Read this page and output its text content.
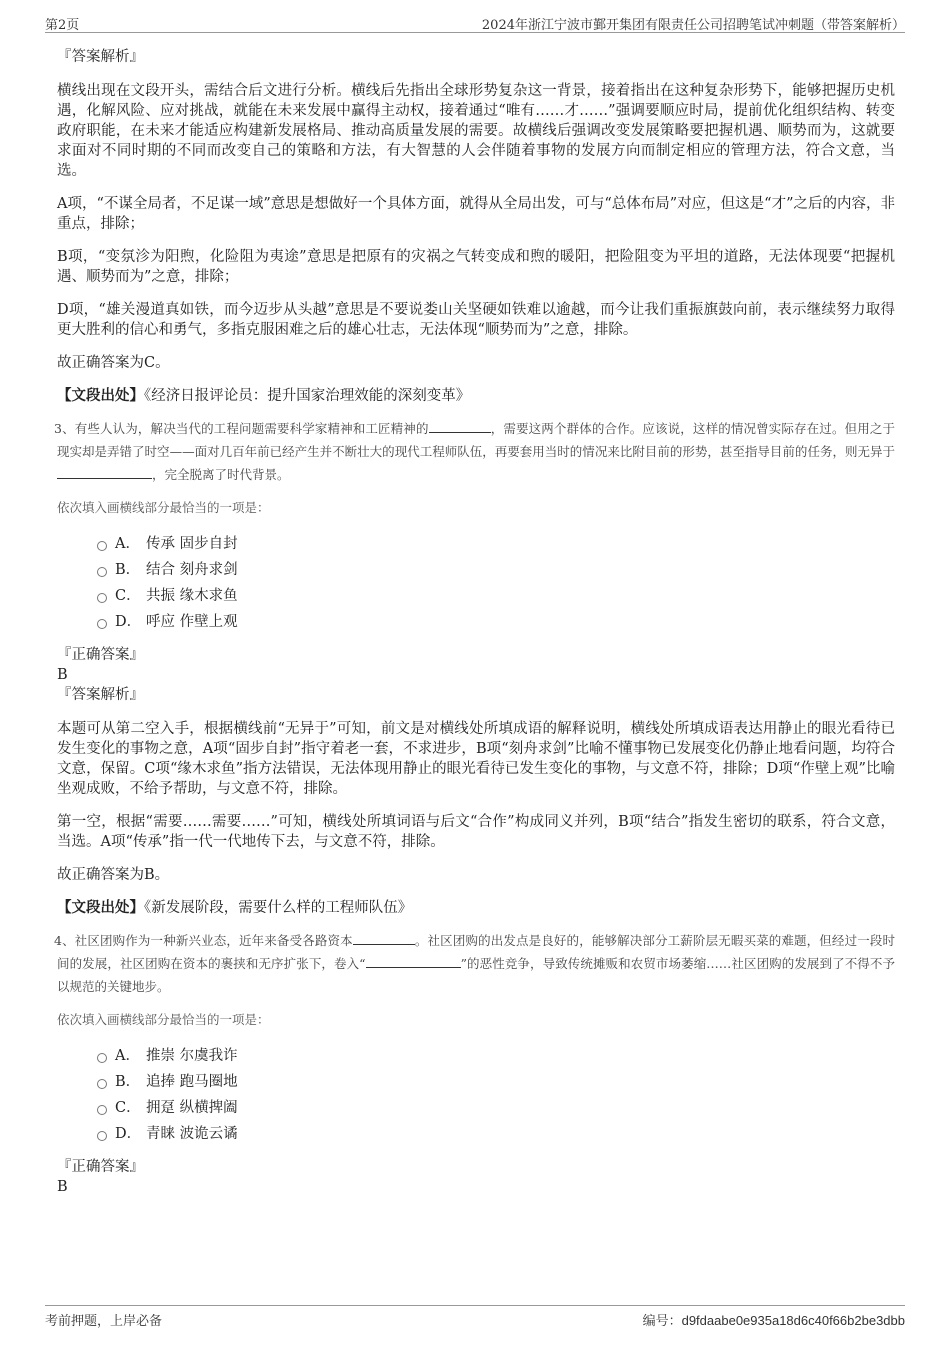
第2页	2024年浙江宁波市鄞开集团有限责任公司招聘笔试冲刺题（带答案解析）

『答案解析』

横线出现在文段开头，需结合后文进行分析。横线后先指出全球形势复杂这一背景，接着指出在这种复杂形势下，能够把握历史机遇，化解风险、应对挑战，就能在未来发展中赢得主动权，接着通过“唯有……才……”强调要顺应时局，提前优化组织结构、转变政府职能，在未来才能适应构建新发展格局、推动高质量发展的需要。故横线后强调改变发展策略要把握机遇、顺势而为，这就要求面对不同时期的不同而改变自己的策略和方法，有大智慧的人会伴随着事物的发展方向而制定相应的管理方法，符合文意，当选。

A项，“不谋全局者，不足谋一域”意思是想做好一个具体方面，就得从全局出发，可与“总体布局”对应，但这是“才”之后的内容，非重点，排除；

B项，“变氛沴为阳煦，化险阻为夷途”意思是把原有的灾祸之气转变成和煦的暖阳，把险阻变为平坦的道路，无法体现要“把握机遇、顺势而为”之意，排除；

D项，“雄关漫道真如铁，而今迈步从头越”意思是不要说娄山关坚硬如铁难以逾越，而今让我们重振旗鼓向前，表示继续努力取得更大胜利的信心和勇气，多指克服困难之后的雄心壮志，无法体现“顺势而为”之意，排除。

故正确答案为C。

【文段出处】《经济日报评论员：提升国家治理效能的深刻变革》

3、有些人认为，解决当代的工程问题需要科学家精神和工匠精神的	，需要这两个群体的合作。应该说，这样的情况曾实际存在过。但用之于现实却是弄错了时空——面对几百年前已经产生并不断壮大的现代工程师队伍，再要套用当时的情况来比附目前的形势，甚至指导目前的任务，则无异于，完全脱离了时代背景。

依次填入画横线部分最恰当的一项是：

A． 传承 固步自封
B． 结合 刻舟求剑
C． 共振 缘木求鱼
D． 呼应 作壁上观

『正确答案』

B

『答案解析』

本题可从第二空入手，根据横线前“无异于”可知，前文是对横线处所填成语的解释说明，横线处所填成语表达用静止的眼光看待已发生变化的事物之意，A项“固步自封”指守着老一套，不求进步，B项“刻舟求剑”比喻不懂事物已发展变化仍静止地看问题，均符合文意，保留。C项“缘木求鱼”指方法错误，无法体现用静止的眼光看待已发生变化的事物，与文意不符，排除；D项“作壁上观”比喻坐观成败，不给予帮助，与文意不符，排除。

第一空，根据“需要……需要……”可知，横线处所填词语与后文“合作”构成同义并列，B项“结合”指发生密切的联系，符合文意，当选。A项“传承”指一代一代地传下去，与文意不符，排除。

故正确答案为B。

【文段出处】《新发展阶段，需要什么样的工程师队伍》

4、社区团购作为一种新兴业态，近年来备受各路资本	。社区团购的出发点是良好的，能够解决部分工薪阶层无暇买菜的难题，但经过一段时间的发展，社区团购在资本的裹挟和无序扩张下，卷入“	”的恶性竞争，导致传统摊贩和农贸市场萎缩……社区团购的发展到了不得不予以规范的关键地步。

依次填入画横线部分最恰当的一项是：

A． 推崇 尔虞我诈
B． 追捧 跑马圈地
C． 拥趸 纵横捭阖
D． 青睐 波诡云谲

『正确答案』

B

考前押题，上岸必备	编号：d9fdaabe0e935a18d6c40f66b2be3dbb
